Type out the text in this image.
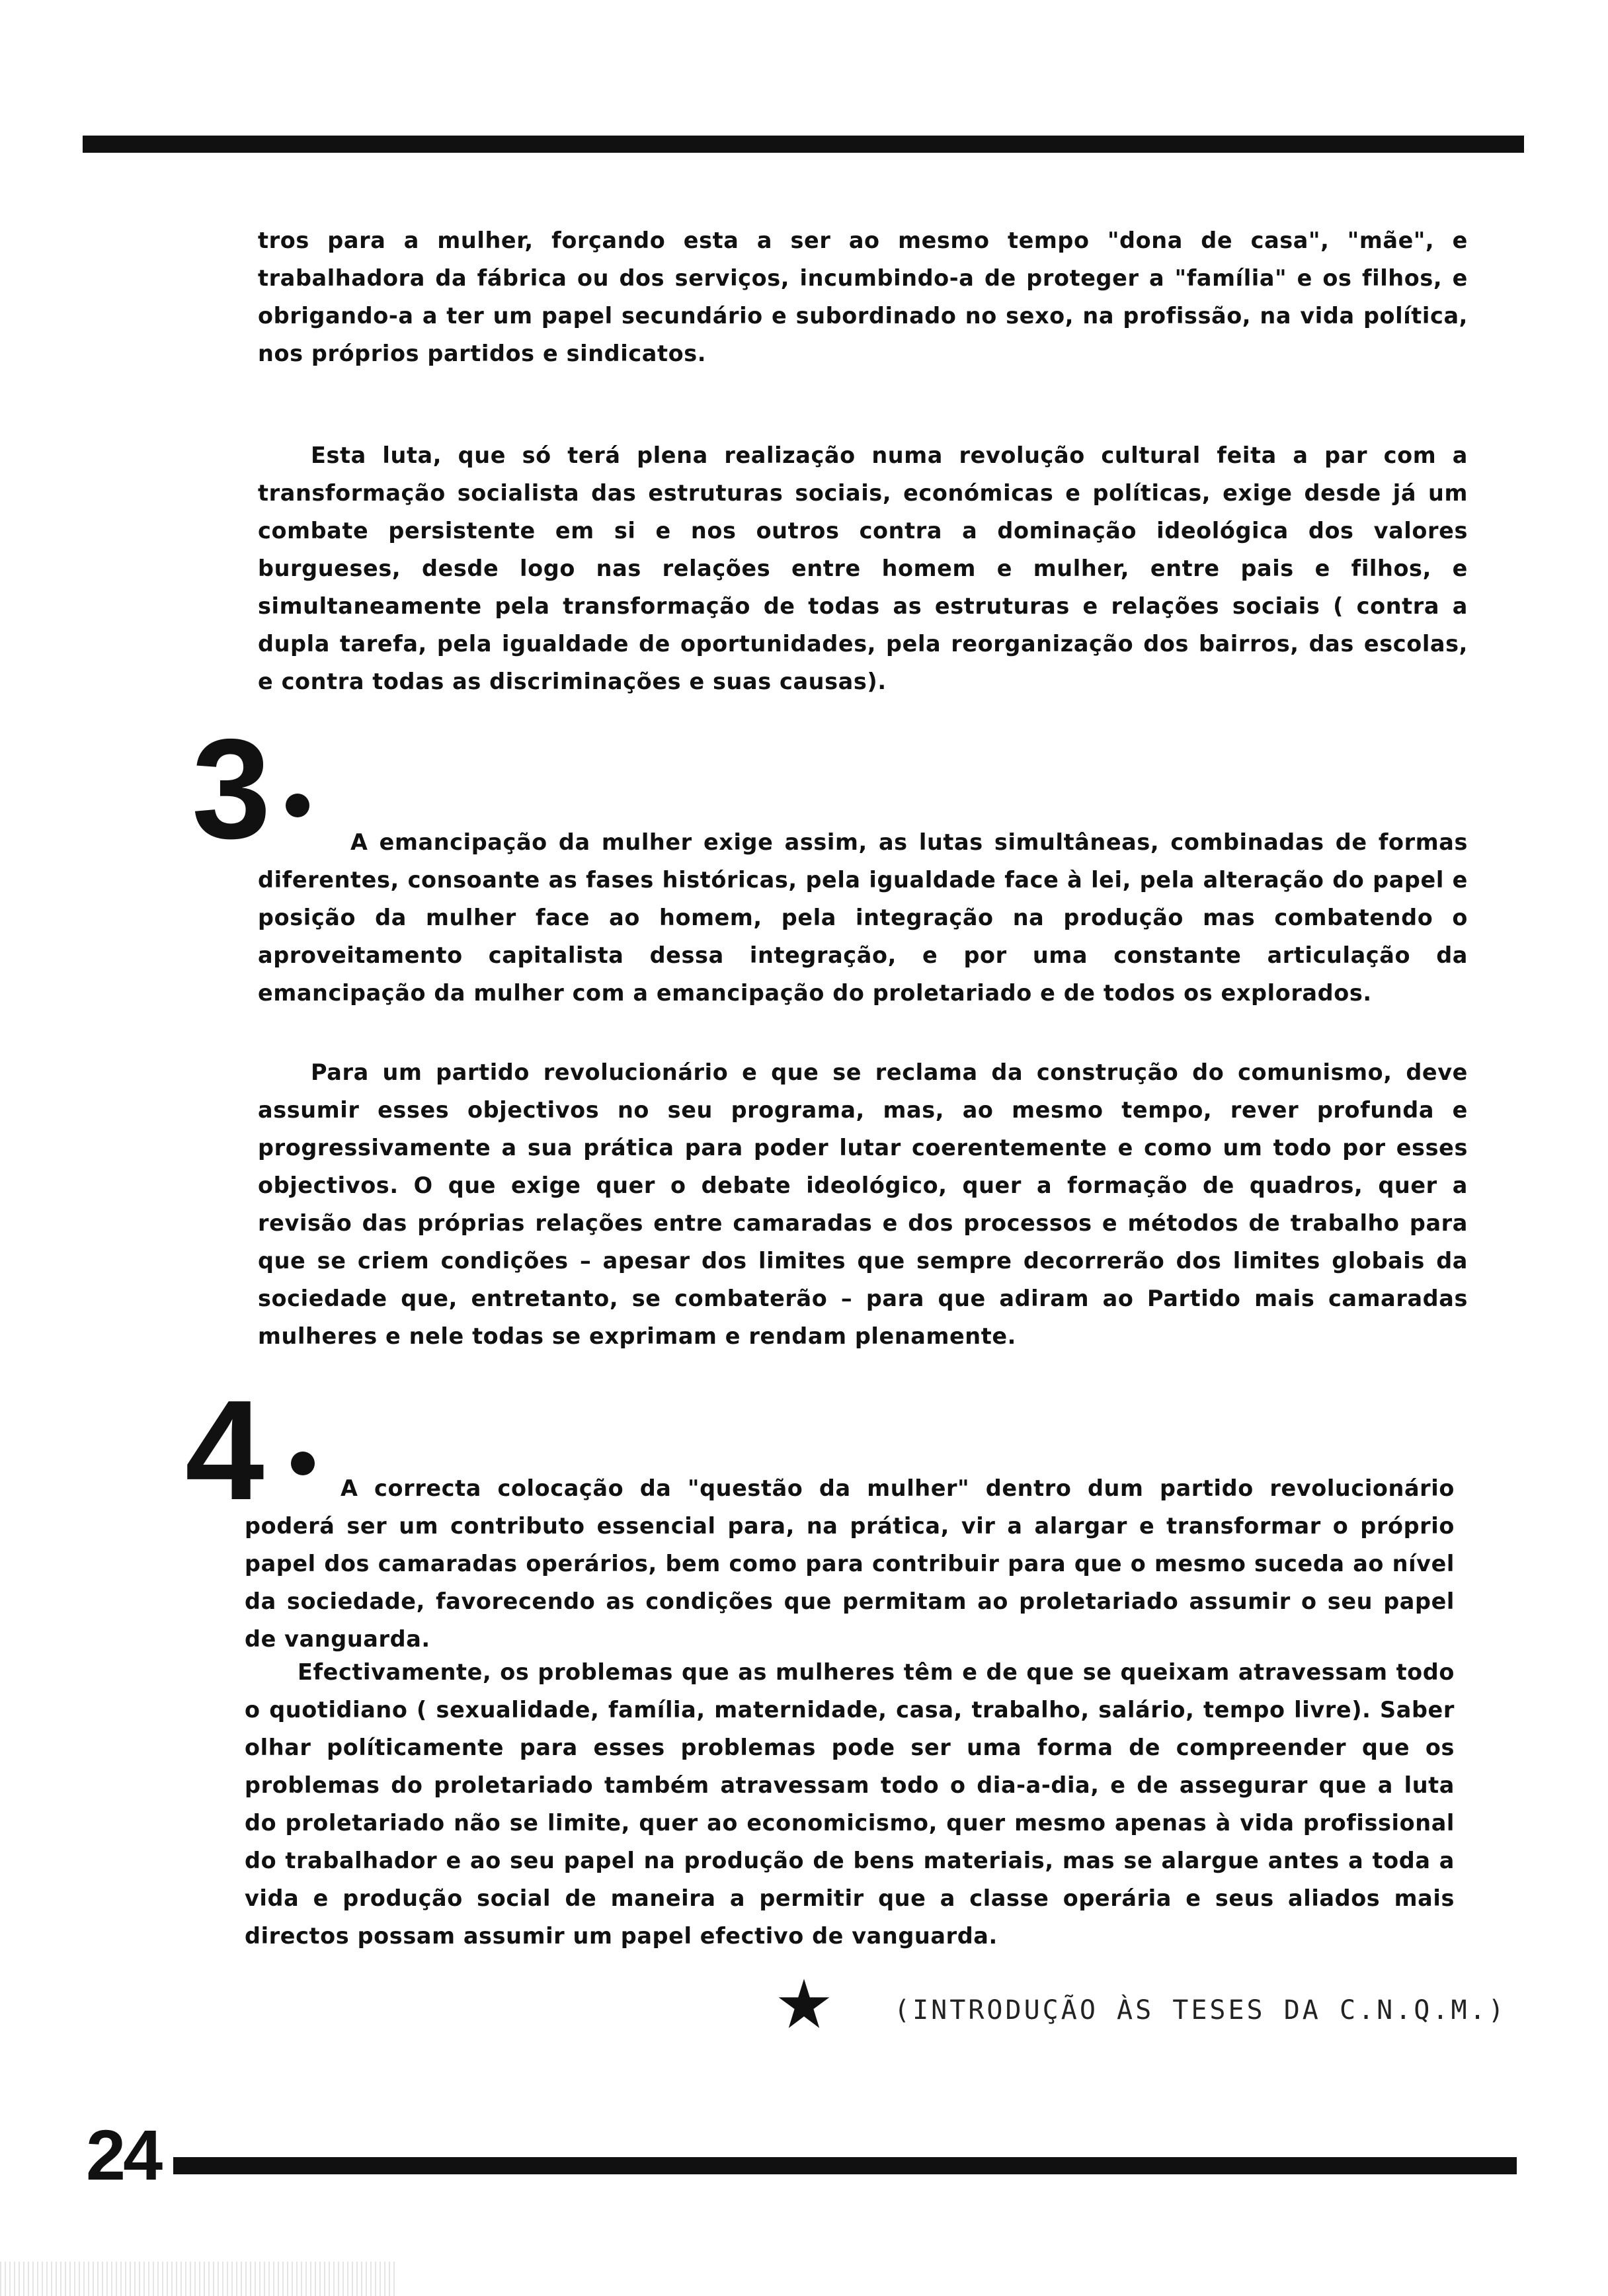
tros para a mulher, forçando esta a ser ao mesmo tempo "dona de casa", "mãe", e trabalhadora da fábrica ou dos serviços, incumbindo-a de proteger a "família" e os filhos, e obrigando-a a ter um papel secundário e subordinado no sexo, na profissão, na vida política, nos próprios partidos e sindicatos.

Esta luta, que só terá plena realização numa revolução cultural feita a par com a transformação socialista das estruturas sociais, económicas e políticas, exige desde já um combate persistente em si e nos outros contra a dominação ideológica dos valores burgueses, desde logo nas relações entre homem e mulher, entre pais e filhos, e simultaneamente pela transformação de todas as estruturas e relações sociais ( contra a dupla tarefa, pela igualdade de oportunidades, pela reorganização dos bairros, das escolas, e contra todas as discriminações e suas causas).

3	A emancipação da mulher exige assim, as lutas simultâneas, combinadas de formas diferentes, consoante as fases históricas, pela igualdade face à lei, pela alteração do papel e posição da mulher face ao homem, pela integração na produção mas combatendo o aproveitamento capitalista dessa integração, e por uma constante articulação da emancipação da mulher com a emancipação do proletariado e de todos os explorados.

Para um partido revolucionário e que se reclama da construção do comunismo, deve assumir esses objectivos no seu programa, mas, ao mesmo tempo, rever profunda e progressivamente a sua prática para poder lutar coerentemente e como um todo por esses objectivos. O que exige quer o debate ideológico, quer a formação de quadros, quer a revisão das próprias relações entre camaradas e dos processos e métodos de trabalho para que se criem condições – apesar dos limites que sempre decorrerão dos limites globais da sociedade que, entretanto, se combaterão – para que adiram ao Partido mais camaradas mulheres e nele todas se exprimam e rendam plenamente.

4	A correcta colocação da "questão da mulher" dentro dum partido revolucionário poderá ser um contributo essencial para, na prática, vir a alargar e transformar o próprio papel dos camaradas operários, bem como para contribuir para que o mesmo suceda ao nível da sociedade, favorecendo as condições que permitam ao proletariado assumir o seu papel de vanguarda.

Efectivamente, os problemas que as mulheres têm e de que se queixam atravessam todo o quotidiano ( sexualidade, família, maternidade, casa, trabalho, salário, tempo livre). Saber olhar políticamente para esses problemas pode ser uma forma de compreender que os problemas do proletariado também atravessam todo o dia-a-dia, e de assegurar que a luta do proletariado não se limite, quer ao economicismo, quer mesmo apenas à vida profissional do trabalhador e ao seu papel na produção de bens materiais, mas se alargue antes a toda a vida e produção social de maneira a permitir que a classe operária e seus aliados mais directos possam assumir um papel efectivo de vanguarda.

(INTRODUÇÃO ÀS TESES DA C.N.Q.M.)
24
